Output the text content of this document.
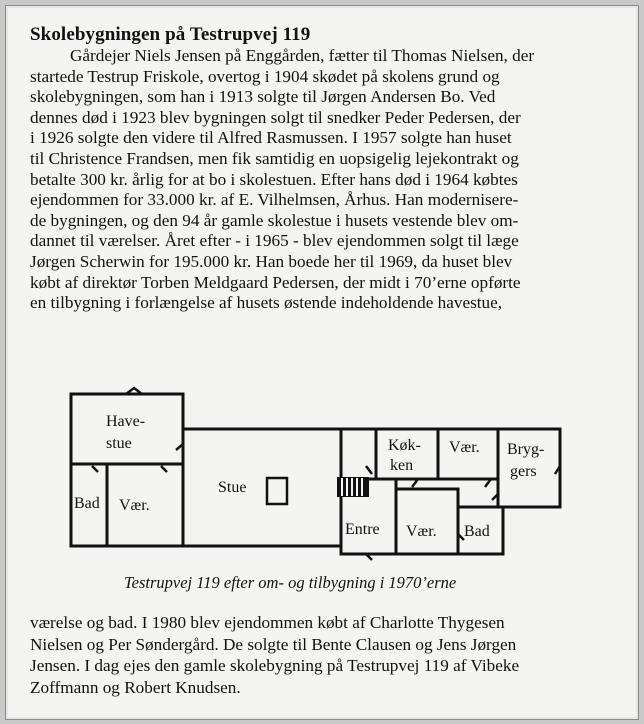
Skolebygningen på Testrupvej 119
Gårdejer Niels Jensen på Enggården, fætter til Thomas Nielsen, der
startede Testrup Friskole, overtog i 1904 skødet på skolens grund og
skolebygningen, som han i 1913 solgte til Jørgen Andersen Bo. Ved
dennes død i 1923 blev bygningen solgt til snedker Peder Pedersen, der
i 1926 solgte den videre til Alfred Rasmussen. I 1957 solgte han huset
til Christence Frandsen, men fik samtidig en uopsigelig lejekontrakt og
betalte 300 kr. årlig for at bo i skolestuen. Efter hans død i 1964 købtes
ejendommen for 33.000 kr. af E. Vilhelmsen, Århus. Han modernisere-
de bygningen, og den 94 år gamle skolestue i husets vestende blev om-
dannet til værelser. Året efter - i 1965 - blev ejendommen solgt til læge
Jørgen Scherwin for 195.000 kr. Han boede her til 1969, da huset blev
købt af direktør Torben Meldgaard Pedersen, der midt i 70’erne opførte
en tilbygning i forlængelse af husets østende indeholdende havestue,
Have-
stue
Bad Vær.
Stue
Køk-
ken
Vær. Bryg-
gers
Entre Vær. Bad
Testrupvej 119 efter om- og tilbygning i 1970’erne
værelse og bad. I 1980 blev ejendommen købt af Charlotte Thygesen
Nielsen og Per Søndergård. De solgte til Bente Clausen og Jens Jørgen
Jensen. I dag ejes den gamle skolebygning på Testrupvej 119 af Vibeke
Zoffmann og Robert Knudsen.
